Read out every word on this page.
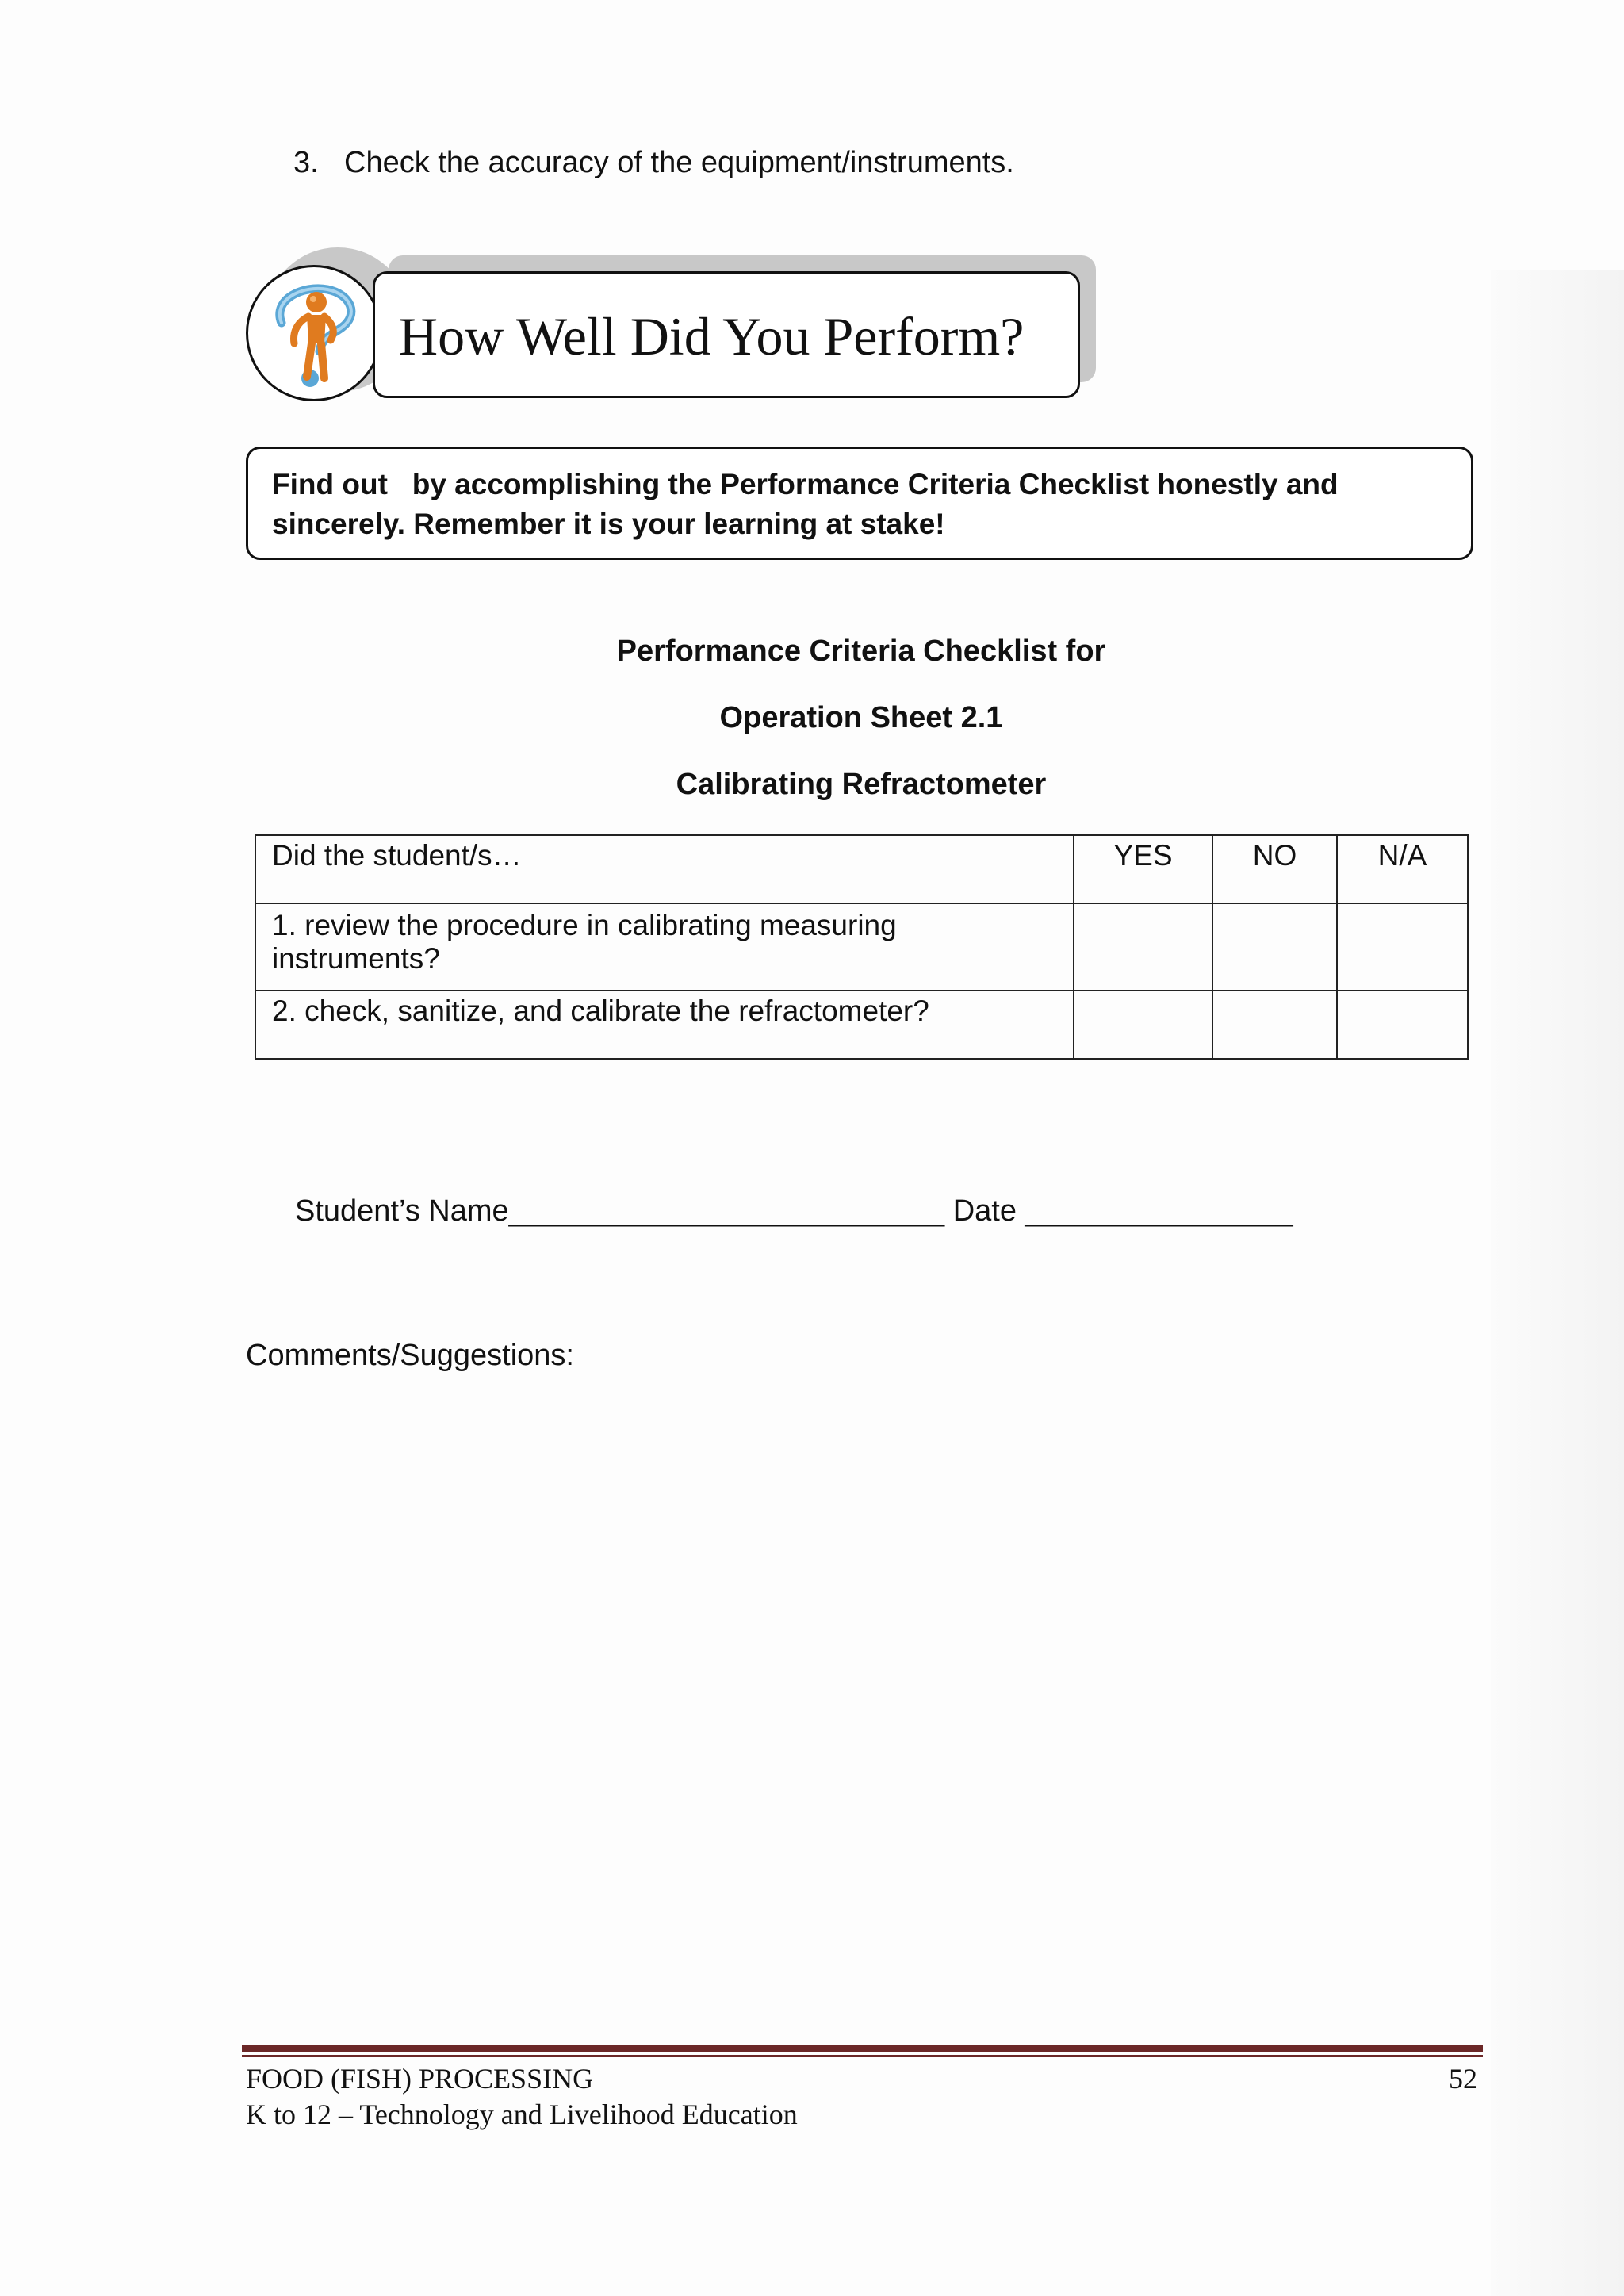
3. Check the accuracy of the equipment/instruments.
How Well Did You Perform?
Find out   by accomplishing the Performance Criteria Checklist honestly and sincerely. Remember it is your learning at stake!
Performance Criteria Checklist for
Operation Sheet 2.1
Calibrating Refractometer
Did the student/s…	YES	NO	N/A

1. review the procedure in calibrating measuring instruments?			

2. check, sanitize, and calibrate the refractometer?			

Student’s Name__________________________ Date ________________
Comments/Suggestions:
FOOD (FISH) PROCESSING
K to 12 – Technology and Livelihood Education
52
